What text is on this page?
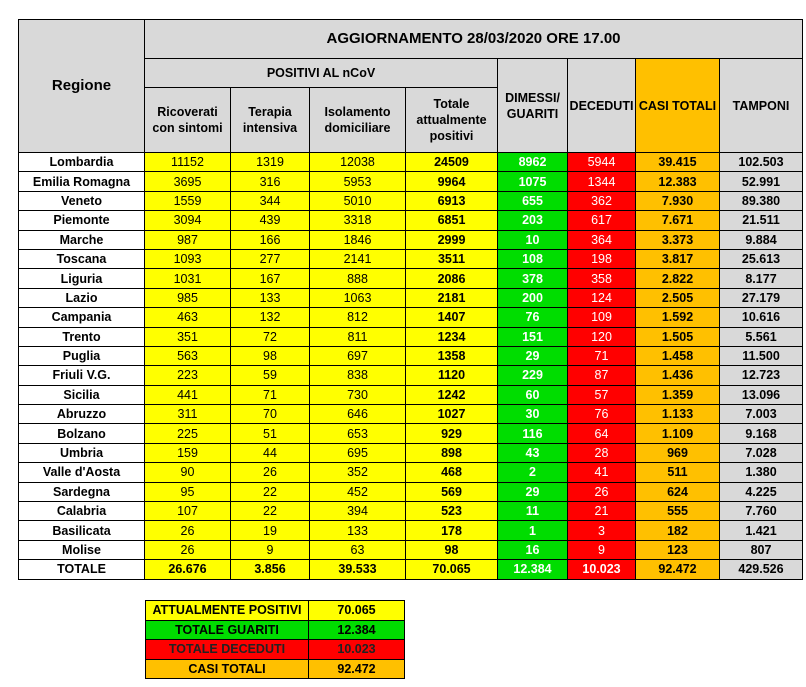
Regione	AGGIORNAMENTO 28/03/2020 ORE 17.00							
	POSITIVI AL nCoV				DIMESSI/ GUARITI	DECEDUTI	CASI TOTALI	TAMPONI
	Ricoverati con sintomi	Terapia intensiva	Isolamento domiciliare	Totale attualmente positivi				
Lombardia	11152	1319	12038	24509	8962	5944	39.415	102.503
Emilia Romagna	3695	316	5953	9964	1075	1344	12.383	52.991
Veneto	1559	344	5010	6913	655	362	7.930	89.380
Piemonte	3094	439	3318	6851	203	617	7.671	21.511
Marche	987	166	1846	2999	10	364	3.373	9.884
Toscana	1093	277	2141	3511	108	198	3.817	25.613
Liguria	1031	167	888	2086	378	358	2.822	8.177
Lazio	985	133	1063	2181	200	124	2.505	27.179
Campania	463	132	812	1407	76	109	1.592	10.616
Trento	351	72	811	1234	151	120	1.505	5.561
Puglia	563	98	697	1358	29	71	1.458	11.500
Friuli V.G.	223	59	838	1120	229	87	1.436	12.723
Sicilia	441	71	730	1242	60	57	1.359	13.096
Abruzzo	311	70	646	1027	30	76	1.133	7.003
Bolzano	225	51	653	929	116	64	1.109	9.168
Umbria	159	44	695	898	43	28	969	7.028
Valle d'Aosta	90	26	352	468	2	41	511	1.380
Sardegna	95	22	452	569	29	26	624	4.225
Calabria	107	22	394	523	11	21	555	7.760
Basilicata	26	19	133	178	1	3	182	1.421
Molise	26	9	63	98	16	9	123	807
TOTALE	26.676	3.856	39.533	70.065	12.384	10.023	92.472	429.526
ATTUALMENTE POSITIVI	70.065
TOTALE GUARITI	12.384
TOTALE DECEDUTI	10.023
CASI TOTALI	92.472
